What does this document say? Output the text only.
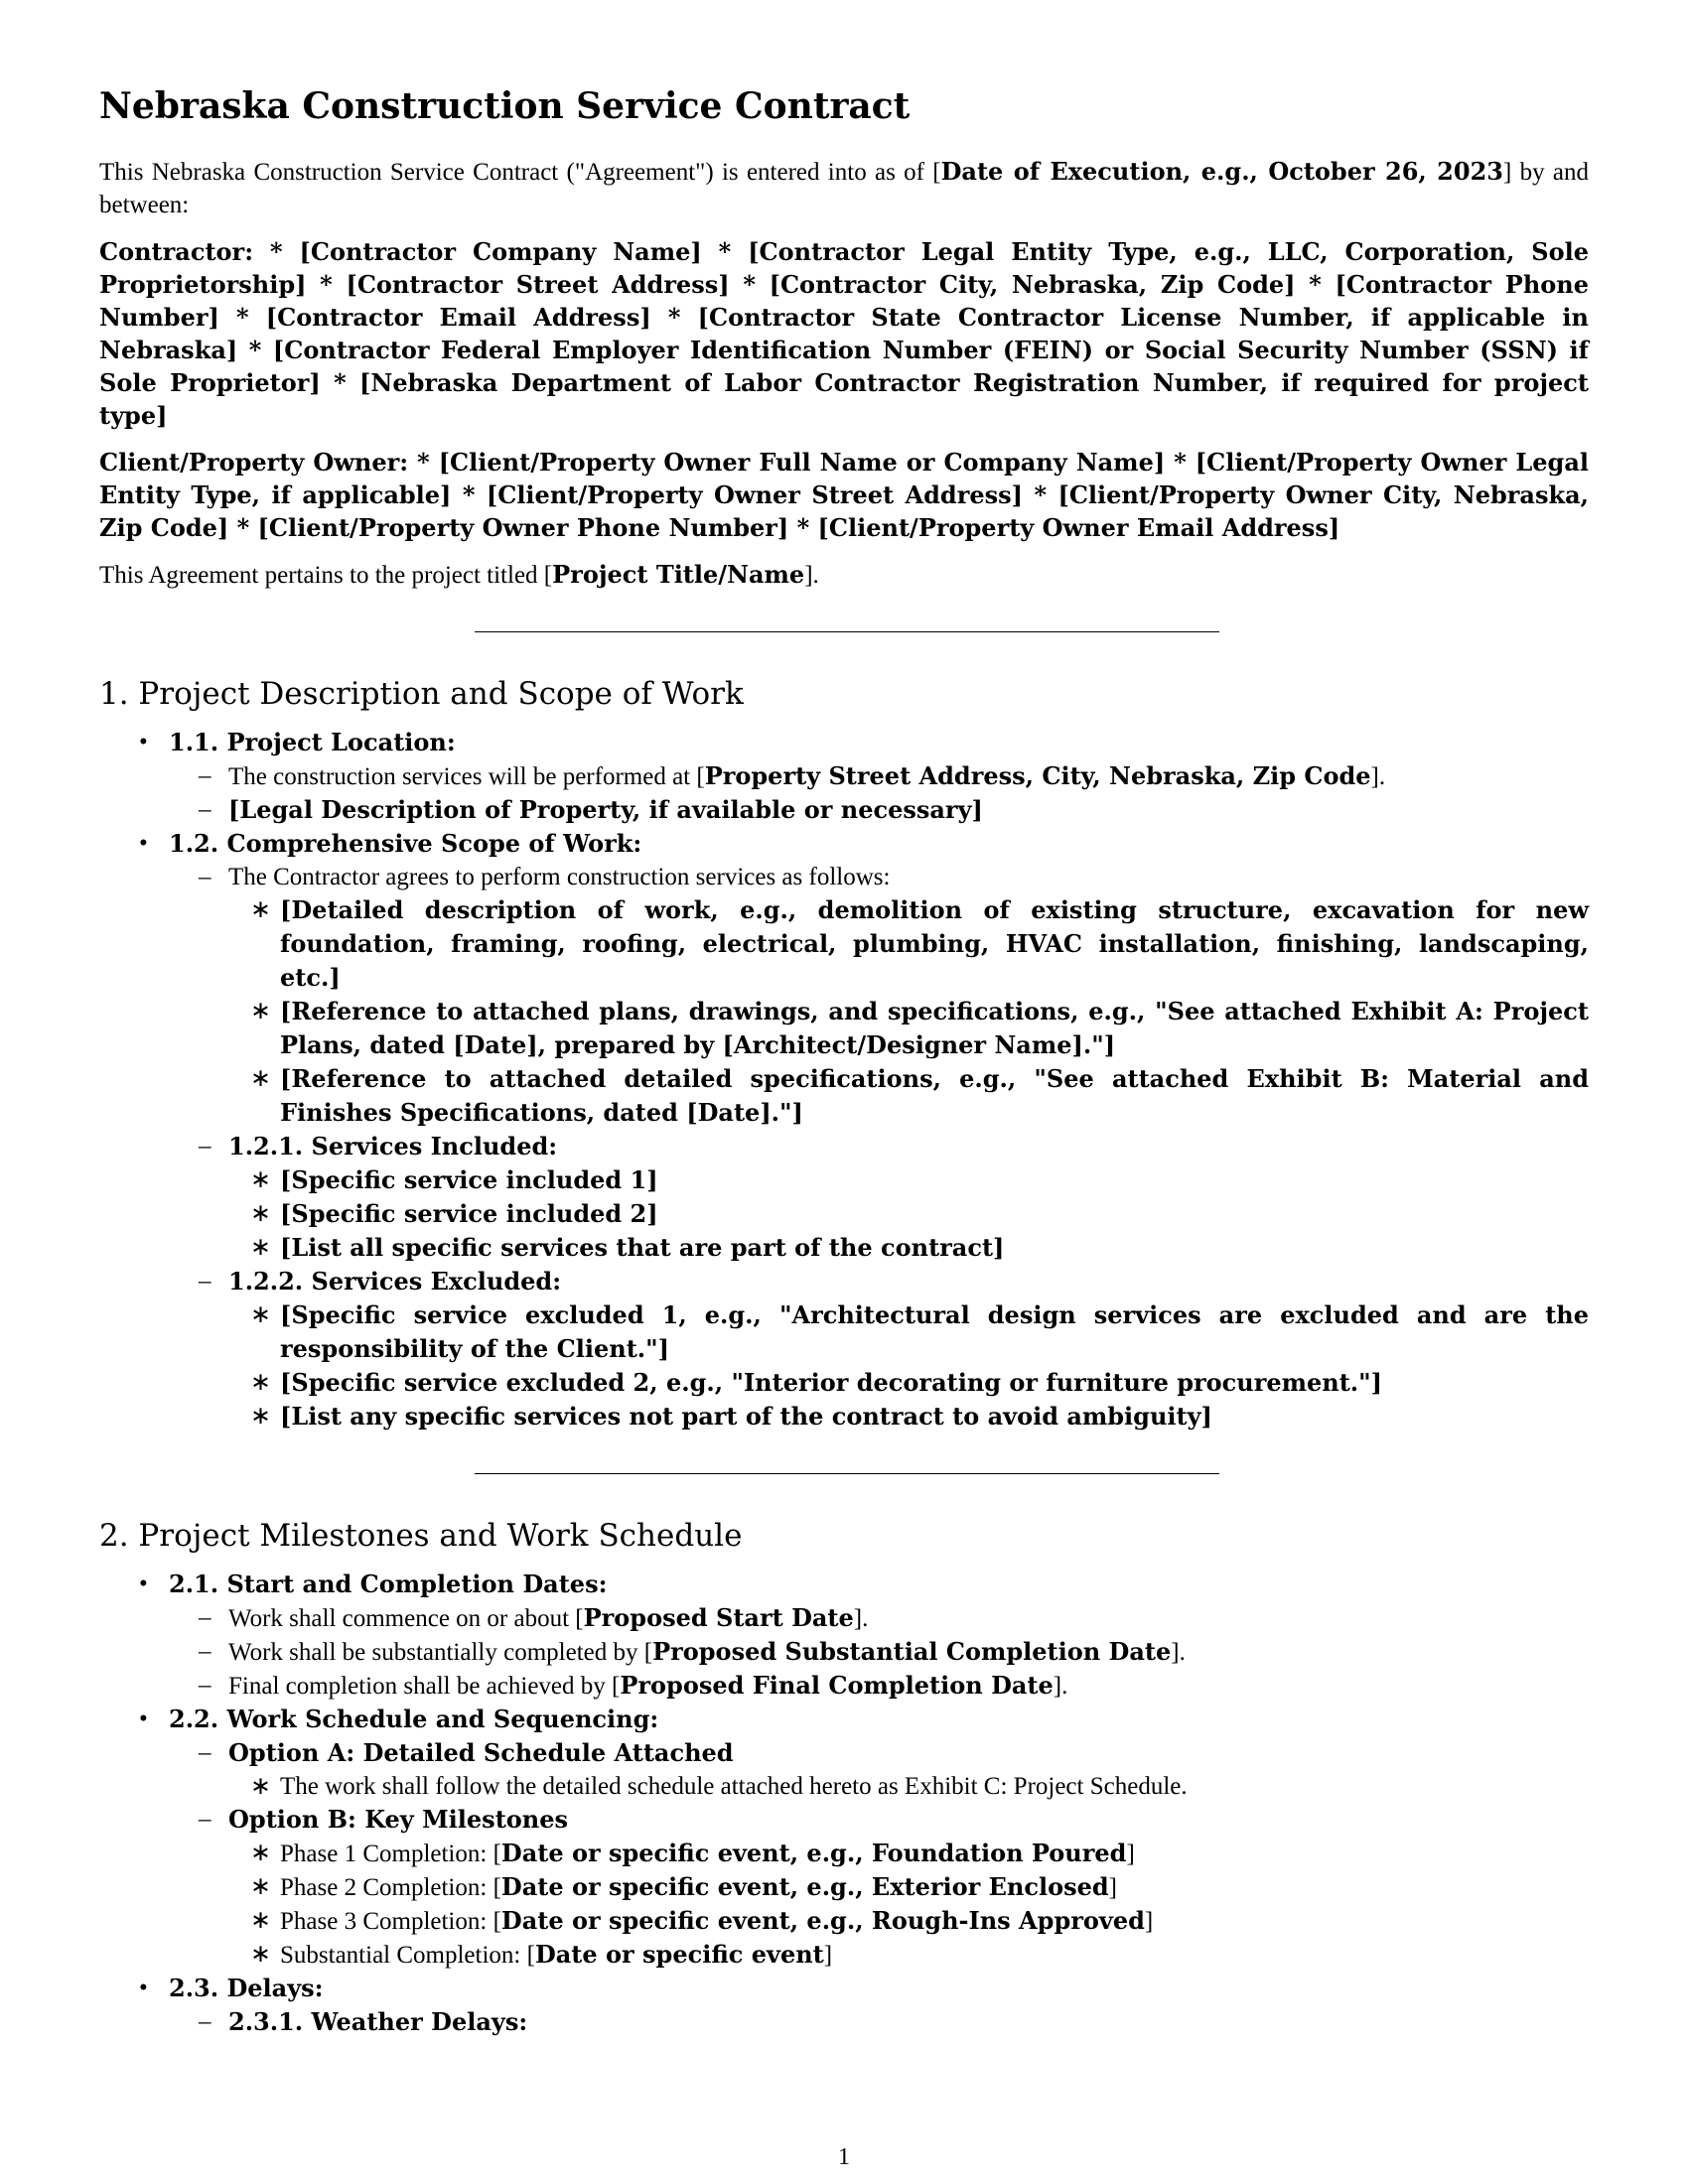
Nebraska Construction Service Contract

This Nebraska Construction Service Contract ("Agreement") is entered into as of [Date of Execution, e.g., October 26, 2023] by and between:

Contractor: * [Contractor Company Name] * [Contractor Legal Entity Type, e.g., LLC, Corporation, Sole Proprietorship] * [Contractor Street Address] * [Contractor City, Nebraska, Zip Code] * [Contractor Phone Number] * [Contractor Email Address] * [Contractor State Contractor License Number, if applicable in Nebraska] * [Contractor Federal Employer Identification Number (FEIN) or Social Security Number (SSN) if Sole Proprietor] * [Nebraska Department of Labor Contractor Registration Number, if required for project type]

Client/Property Owner: * [Client/Property Owner Full Name or Company Name] * [Client/Property Owner Legal Entity Type, if applicable] * [Client/Property Owner Street Address] * [Client/Property Owner City, Nebraska, Zip Code] * [Client/Property Owner Phone Number] * [Client/Property Owner Email Address]

This Agreement pertains to the project titled [Project Title/Name].

1. Project Description and Scope of Work
• 1.1. Project Location:
– The construction services will be performed at [Property Street Address, City, Nebraska, Zip Code].
– [Legal Description of Property, if available or necessary]
• 1.2. Comprehensive Scope of Work:
– The Contractor agrees to perform construction services as follows:
∗ [Detailed description of work, e.g., demolition of existing structure, excavation for new foundation, framing, roofing, electrical, plumbing, HVAC installation, finishing, landscaping, etc.]
∗ [Reference to attached plans, drawings, and specifications, e.g., "See attached Exhibit A: Project Plans, dated [Date], prepared by [Architect/Designer Name]."]
∗ [Reference to attached detailed specifications, e.g., "See attached Exhibit B: Material and Finishes Specifications, dated [Date]."]
– 1.2.1. Services Included:
∗ [Specific service included 1]
∗ [Specific service included 2]
∗ [List all specific services that are part of the contract]
– 1.2.2. Services Excluded:
∗ [Specific service excluded 1, e.g., "Architectural design services are excluded and are the responsibility of the Client."]
∗ [Specific service excluded 2, e.g., "Interior decorating or furniture procurement."]
∗ [List any specific services not part of the contract to avoid ambiguity]
2. Project Milestones and Work Schedule
• 2.1. Start and Completion Dates:
– Work shall commence on or about [Proposed Start Date].
– Work shall be substantially completed by [Proposed Substantial Completion Date].
– Final completion shall be achieved by [Proposed Final Completion Date].
• 2.2. Work Schedule and Sequencing:
– Option A: Detailed Schedule Attached
∗ The work shall follow the detailed schedule attached hereto as Exhibit C: Project Schedule.
– Option B: Key Milestones
∗ Phase 1 Completion: [Date or specific event, e.g., Foundation Poured]
∗ Phase 2 Completion: [Date or specific event, e.g., Exterior Enclosed]
∗ Phase 3 Completion: [Date or specific event, e.g., Rough-Ins Approved]
∗ Substantial Completion: [Date or specific event]
• 2.3. Delays:
– 2.3.1. Weather Delays:
1
